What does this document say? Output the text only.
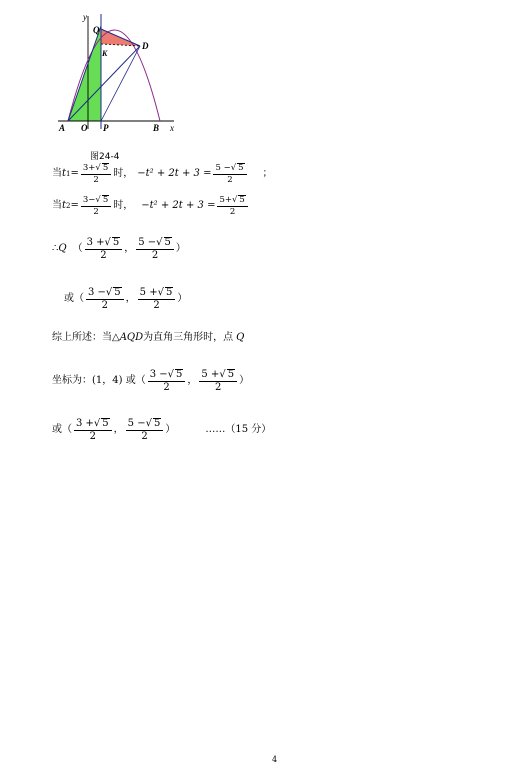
y
x
A O P	B
Q
K
D
图24-4
当 t $1 = \frac{3+√ 5}{2}$ 时， $-t^2 + 2t + 3 = \frac{5 -√ 5}{2}$ ；
当 t $2 = \frac{3-√ 5}{2}$ 时， $-t^2 + 2t + 3 = \frac{5+√ 5}{2}$
∴ Q （ $\frac{3 +√ 5}{2}$ ， $\frac{5 -√ 5}{2}$ ）
或 （ $\frac{3 -√ 5}{2}$ ， $\frac{5 +√ 5}{2}$ ）
综上所述：当△ AQD 为直角三角形时，点 Q
坐标为：(1，4) 或（ $\frac{3 -√ 5}{2}$ ， $\frac{5 +√ 5}{2}$ ）
或（ $\frac{3 +√ 5}{2}$ ， $\frac{5 -√ 5}{2}$ ）	……（15 分）
4
